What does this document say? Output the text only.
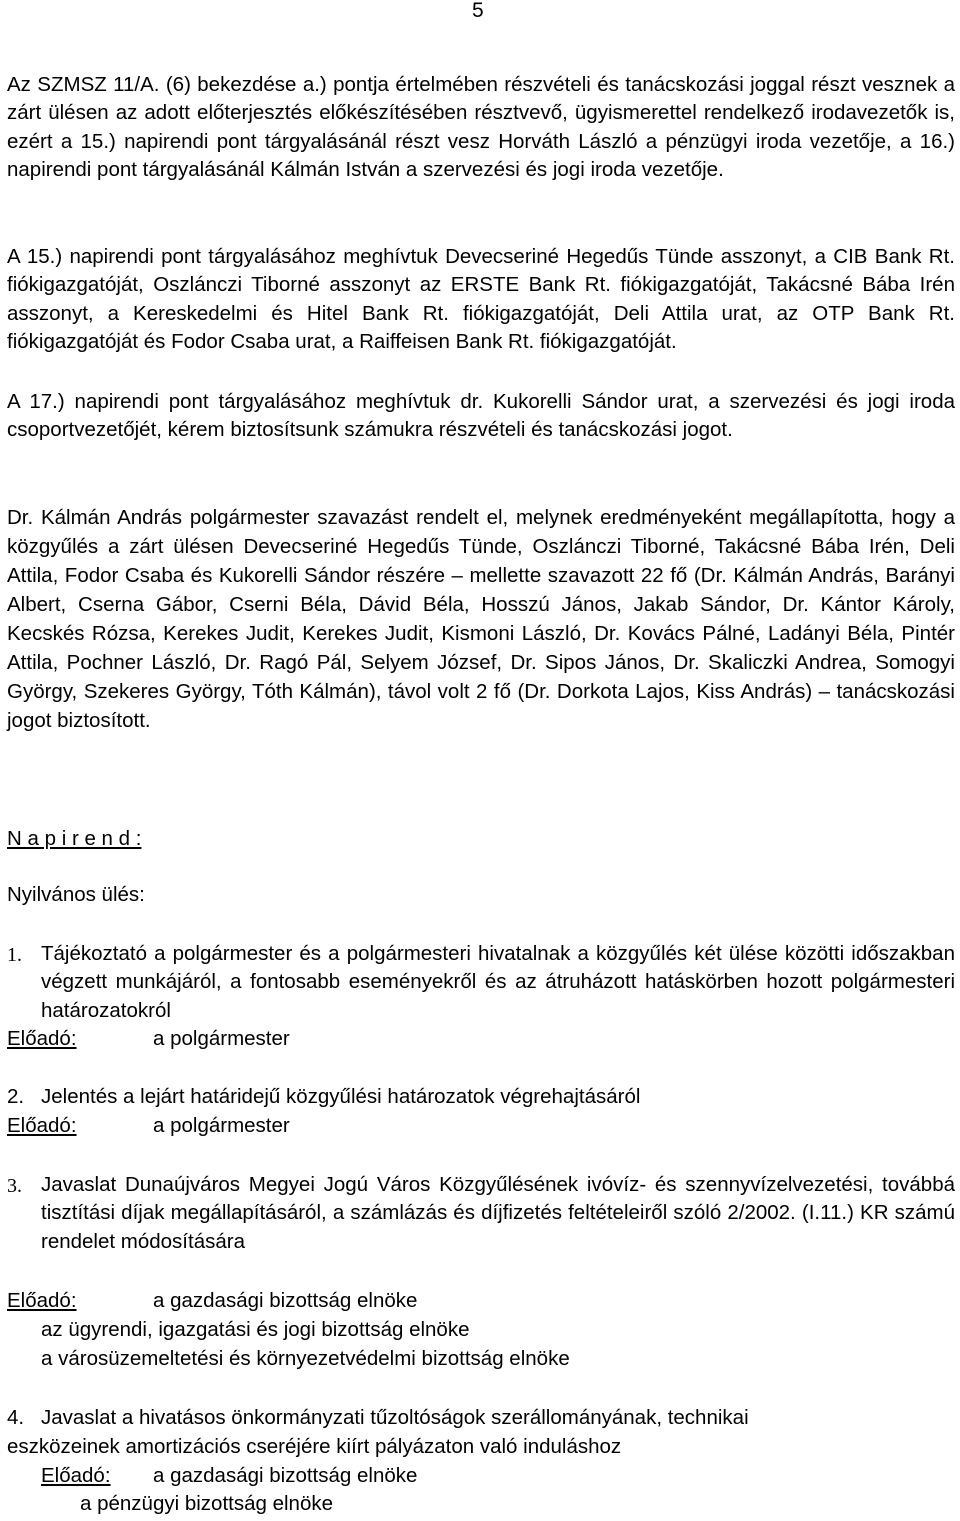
5

Az SZMSZ 11/A. (6) bekezdése a.) pontja értelmében részvételi és tanácskozási joggal részt vesznek a zárt ülésen az adott előterjesztés előkészítésében résztvevő, ügyismerettel rendelkező irodavezetők is, ezért a 15.) napirendi pont tárgyalásánál részt vesz Horváth László a pénzügyi iroda vezetője, a 16.) napirendi pont tárgyalásánál Kálmán István a szervezési és jogi iroda vezetője.

A 15.) napirendi pont tárgyalásához meghívtuk Devecseriné Hegedűs Tünde asszonyt, a CIB Bank Rt. fiókigazgatóját, Oszlánczi Tiborné asszonyt az ERSTE Bank Rt. fiókigazgatóját, Takácsné Bába Irén asszonyt, a Kereskedelmi és Hitel Bank Rt. fiókigazgatóját, Deli Attila urat, az OTP Bank Rt. fiókigazgatóját és Fodor Csaba urat, a Raiffeisen Bank Rt. fiókigazgatóját.

A 17.) napirendi pont tárgyalásához meghívtuk dr. Kukorelli Sándor urat, a szervezési és jogi iroda csoportvezetőjét, kérem biztosítsunk számukra részvételi és tanácskozási jogot.

Dr. Kálmán András polgármester szavazást rendelt el, melynek eredményeként megállapította, hogy a közgyűlés a zárt ülésen Devecseriné Hegedűs Tünde, Oszlánczi Tiborné, Takácsné Bába Irén, Deli Attila, Fodor Csaba és Kukorelli Sándor részére – mellette szavazott 22 fő (Dr. Kálmán András, Barányi Albert, Cserna Gábor, Cserni Béla, Dávid Béla, Hosszú János, Jakab Sándor, Dr. Kántor Károly, Kecskés Rózsa, Kerekes Judit, Kerekes Judit, Kismoni László, Dr. Kovács Pálné, Ladányi Béla, Pintér Attila, Pochner László, Dr. Ragó Pál, Selyem József, Dr. Sipos János, Dr. Skaliczki Andrea, Somogyi György, Szekeres György, Tóth Kálmán), távol volt 2 fő (Dr. Dorkota Lajos, Kiss András) – tanácskozási jogot biztosított.

N a p i r e n d :

Nyilvános ülés:

1. Tájékoztató a polgármester és a polgármesteri hivatalnak a közgyűlés két ülése közötti időszakban végzett munkájáról, a fontosabb eseményekről és az átruházott hatáskörben hozott polgármesteri határozatokról

Előadó:	a polgármester
2. Jelentés a lejárt határidejű közgyűlési határozatok végrehajtásáról
Előadó:	a polgármester
3. Javaslat Dunaújváros Megyei Jogú Város Közgyűlésének ivóvíz- és szennyvízelvezetési, továbbá tisztítási díjak megállapításáról, a számlázás és díjfizetés feltételeiről szóló 2/2002. (I.11.) KR számú rendelet módosítására

Előadó:	a gazdasági bizottság elnöke
az ügyrendi, igazgatási és jogi bizottság elnöke
a városüzemeltetési és környezetvédelmi bizottság elnöke
4. Javaslat a hivatásos önkormányzati tűzoltóságok szerállományának, technikai
eszközeinek amortizációs cseréjére kiírt pályázaton való induláshoz
Előadó: a gazdasági bizottság elnöke
a pénzügyi bizottság elnöke
